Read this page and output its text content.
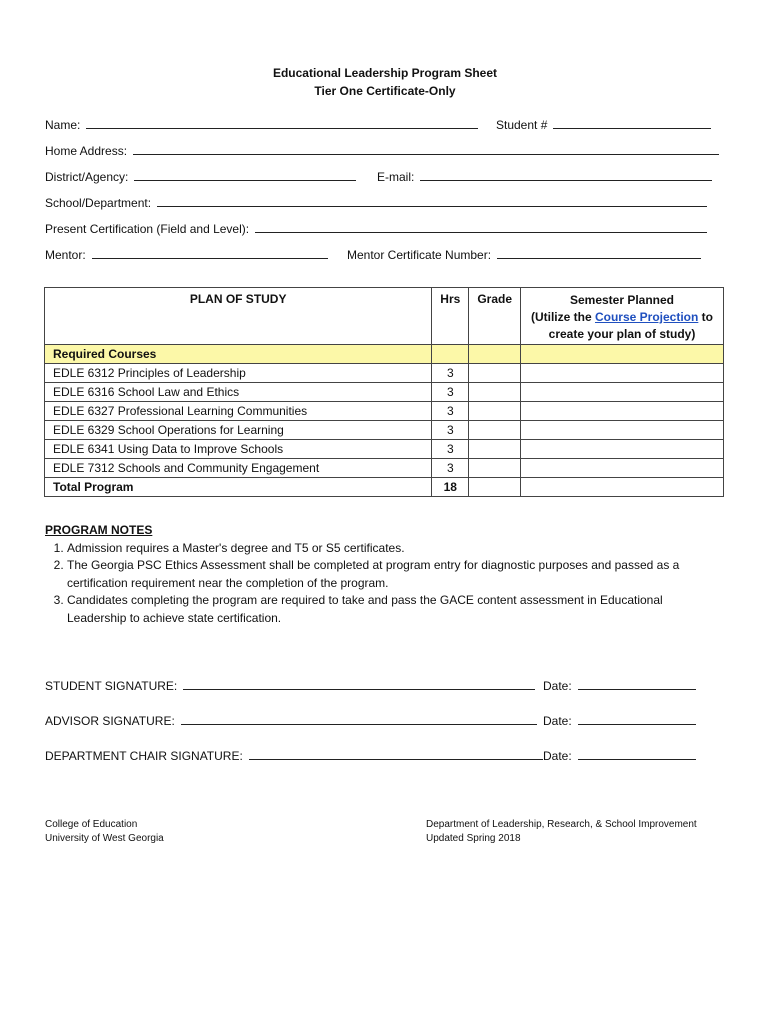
Educational Leadership Program Sheet
Tier One Certificate-Only
Name:	Student #
Home Address:
District/Agency:	E-mail:
School/Department:
Present Certification (Field and Level):
Mentor:	Mentor Certificate Number:
PLAN OF STUDY	Hrs	Grade	Semester Planned
(Utilize the Course Projection to
create your plan of study)

Required Courses			
EDLE 6312 Principles of Leadership	3		
EDLE 6316 School Law and Ethics	3		
EDLE 6327 Professional Learning Communities	3		
EDLE 6329 School Operations for Learning	3		
EDLE 6341 Using Data to Improve Schools	3		
EDLE 7312 Schools and Community Engagement	3		
Total Program	18		
PROGRAM NOTES
1. Admission requires a Master's degree and T5 or S5 certificates.
2. The Georgia PSC Ethics Assessment shall be completed at program entry for diagnostic purposes and passed as a certification requirement near the completion of the program.
3. Candidates completing the program are required to take and pass the GACE content assessment in Educational Leadership to achieve state certification.
STUDENT SIGNATURE:	Date:
ADVISOR SIGNATURE:	Date:
DEPARTMENT CHAIR SIGNATURE:	Date:
College of Education
University of West Georgia
Department of Leadership, Research, & School Improvement
Updated Spring 2018
